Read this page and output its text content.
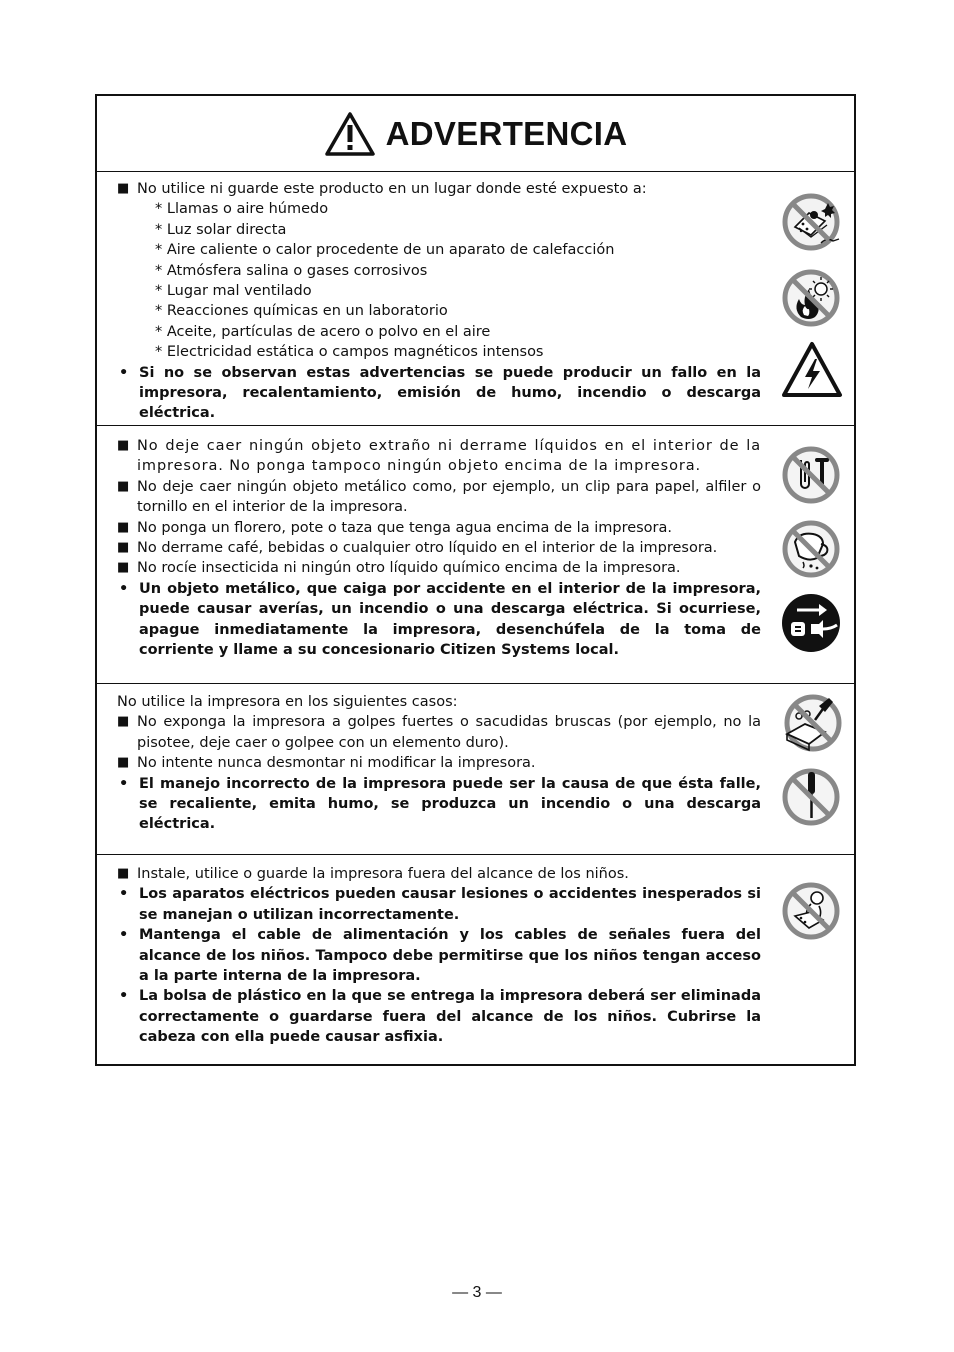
ADVERTENCIA
■ No utilice ni guarde este producto en un lugar donde esté expuesto a:
* Llamas o aire húmedo
* Luz solar directa
* Aire caliente o calor procedente de un aparato de calefacción
* Atmósfera salina o gases corrosivos
* Lugar mal ventilado
* Reacciones químicas en un laboratorio
* Aceite, partículas de acero o polvo en el aire
* Electricidad estática o campos magnéticos intensos
• Si no se observan estas advertencias se puede producir un fallo en la impresora, recalentamiento, emisión de humo, incendio o descarga eléctrica.
■ No deje caer ningún objeto extraño ni derrame líquidos en el interior de la impresora. No ponga tampoco ningún objeto encima de la impresora.
■ No deje caer ningún objeto metálico como, por ejemplo, un clip para papel, alfiler o tornillo en el interior de la impresora.
■ No ponga un florero, pote o taza que tenga agua encima de la impresora.
■ No derrame café, bebidas o cualquier otro líquido en el interior de la impresora.
■ No rocíe insecticida ni ningún otro líquido químico encima de la impresora.
• Un objeto metálico, que caiga por accidente en el interior de la impresora, puede causar averías, un incendio o una descarga eléctrica. Si ocurriese, apague inmediatamente la impresora, desenchúfela de la toma de corriente y llame a su concesionario Citizen Systems local.
No utilice la impresora en los siguientes casos:
■ No exponga la impresora a golpes fuertes o sacudidas bruscas (por ejemplo, no la pisotee, deje caer o golpee con un elemento duro).
■ No intente nunca desmontar ni modificar la impresora.
• El manejo incorrecto de la impresora puede ser la causa de que ésta falle, se recaliente, emita humo, se produzca un incendio o una descarga eléctrica.
■ Instale, utilice o guarde la impresora fuera del alcance de los niños.
• Los aparatos eléctricos pueden causar lesiones o accidentes inesperados si se manejan o utilizan incorrectamente.
• Mantenga el cable de alimentación y los cables de señales fuera del alcance de los niños. Tampoco debe permitirse que los niños tengan acceso a la parte interna de la impresora.
• La bolsa de plástico en la que se entrega la impresora deberá ser eliminada correctamente o guardarse fuera del alcance de los niños. Cubrirse la cabeza con ella puede causar asfixia.
— 3 —
